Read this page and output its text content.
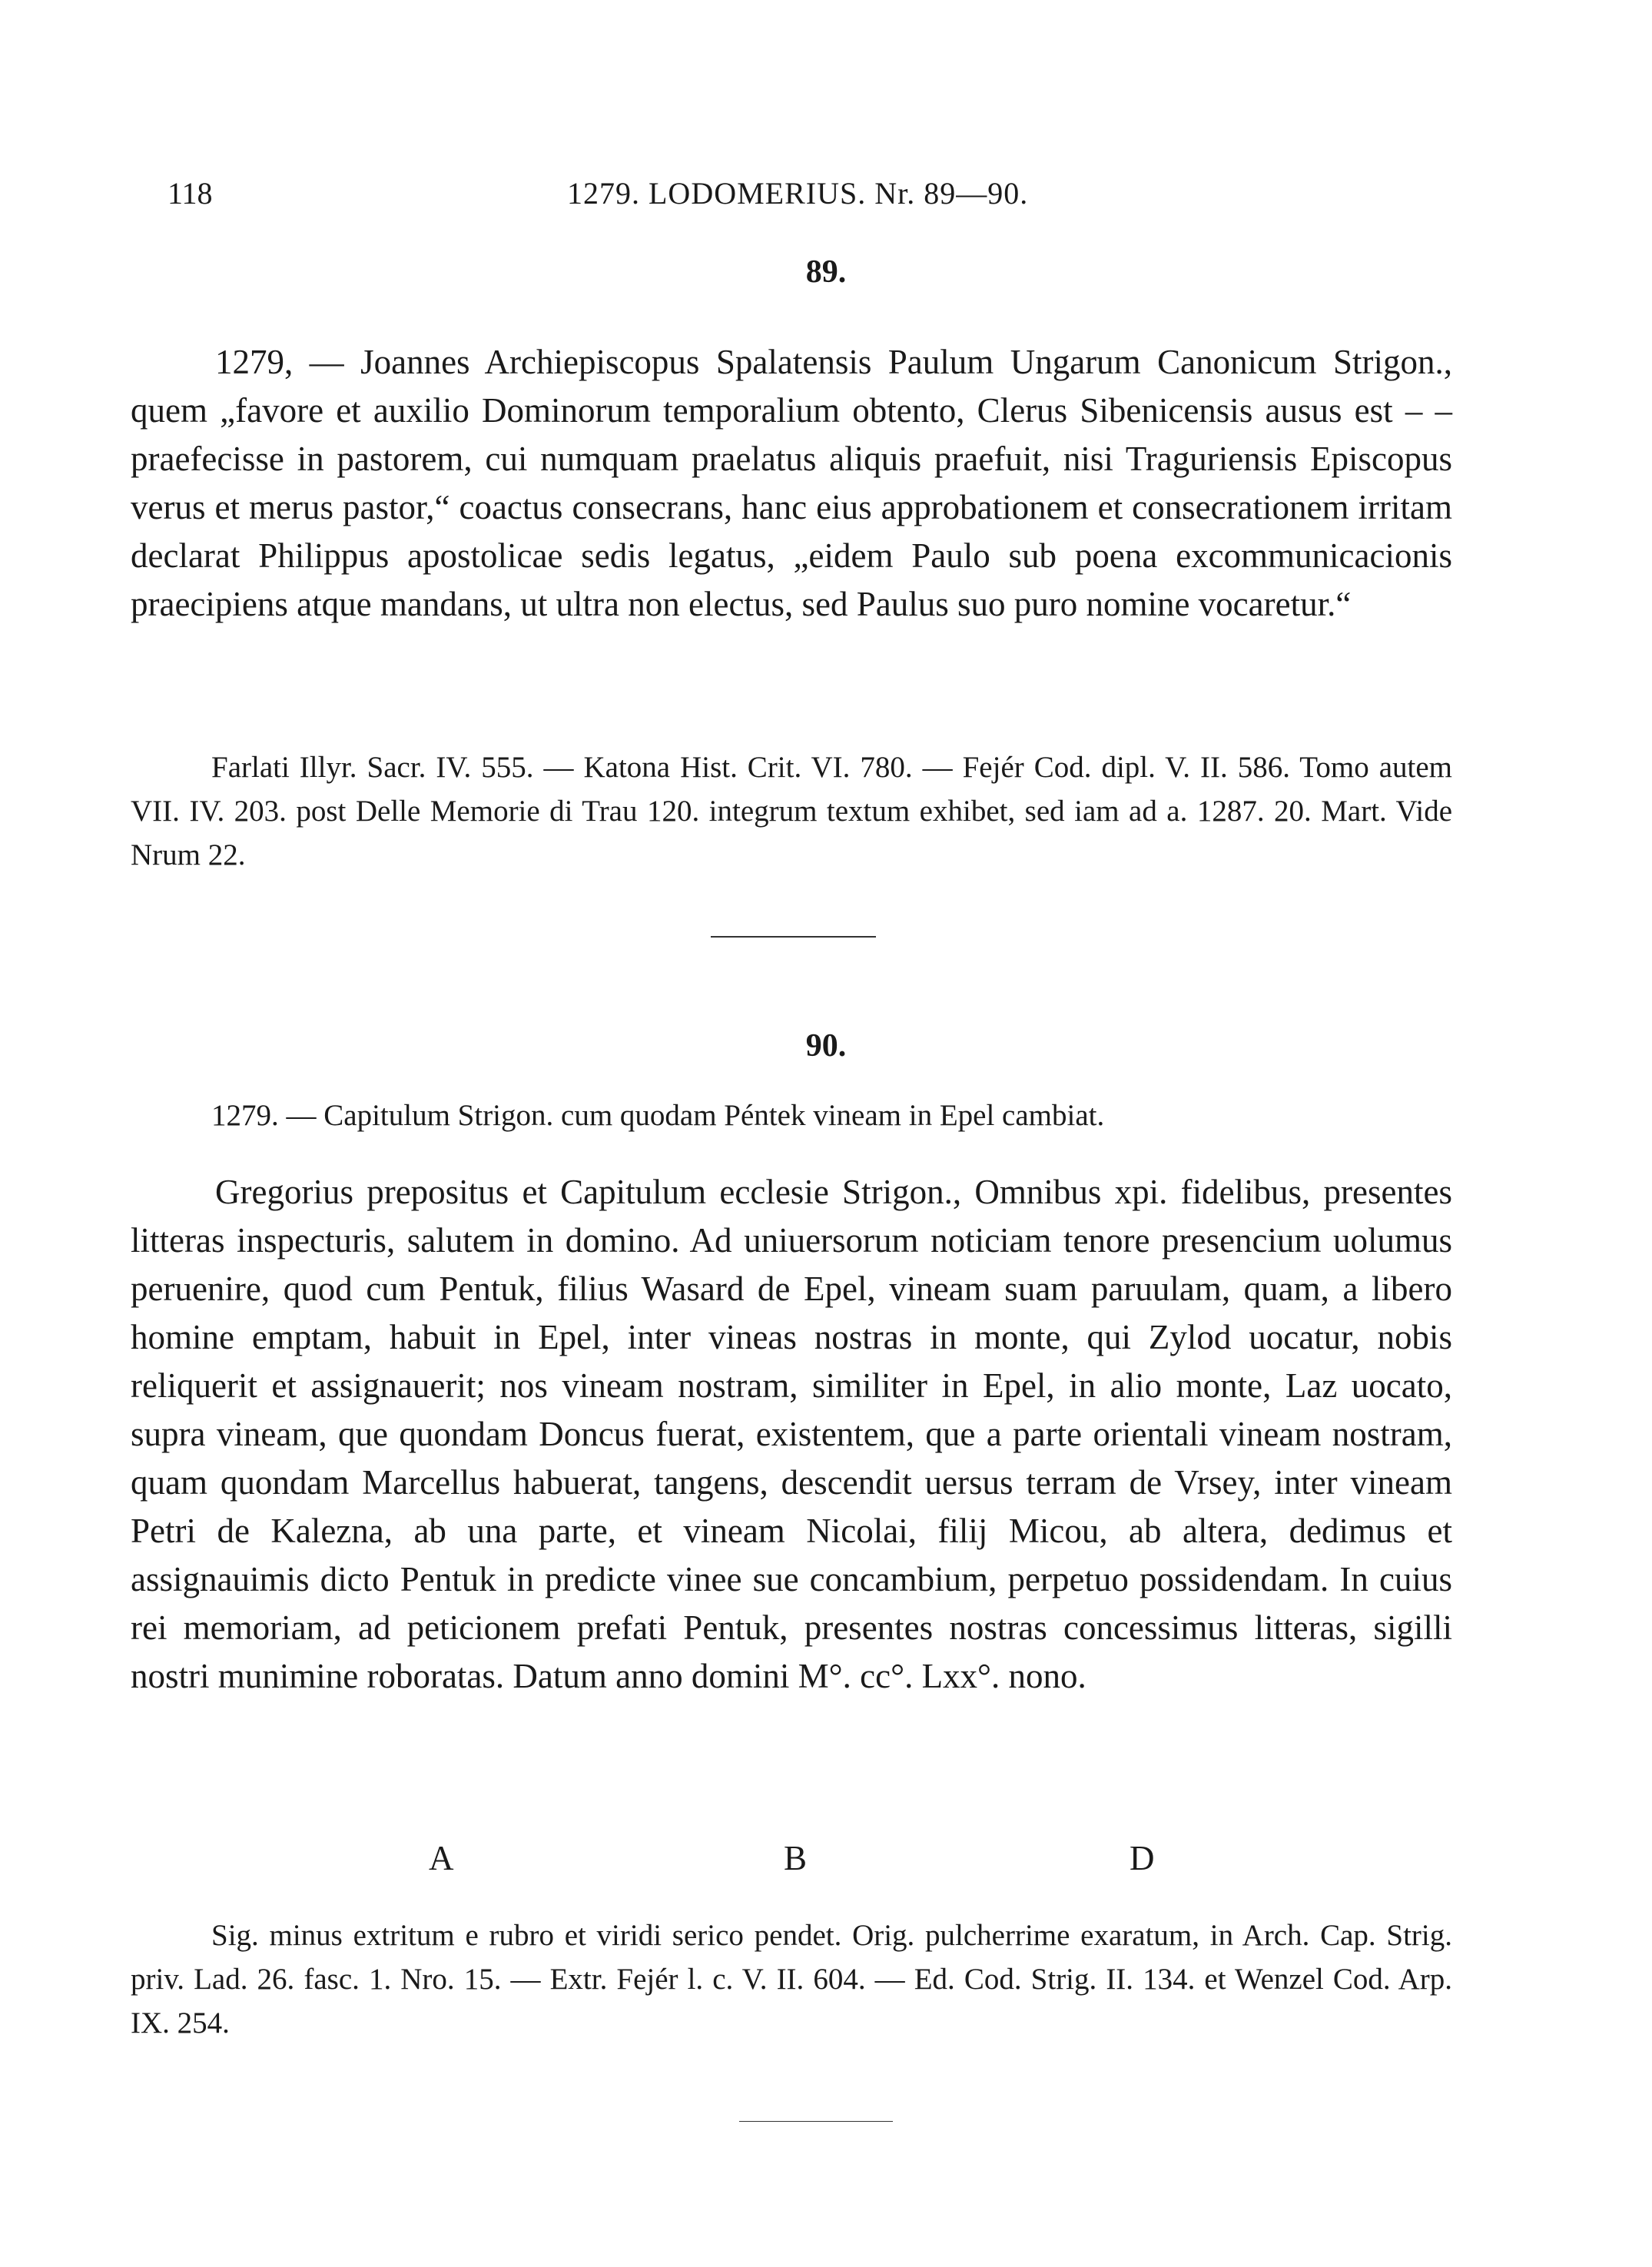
118	1279. LODOMERIUS. Nr. 89—90.
89.

1279, — Joannes Archiepiscopus Spalatensis Paulum Ungarum Canonicum Strigon., quem „favore et auxilio Dominorum temporalium obtento, Clerus Sibenicensis ausus est – – praefecisse in pastorem, cui numquam praelatus aliquis praefuit, nisi Traguriensis Episcopus verus et merus pastor,“ coactus consecrans, hanc eius approbationem et consecrationem irritam declarat Philippus apostolicae sedis legatus, „eidem Paulo sub poena excommunicacionis praecipiens atque mandans, ut ultra non electus, sed Paulus suo puro nomine vocaretur.“

Farlati Illyr. Sacr. IV. 555. — Katona Hist. Crit. VI. 780. — Fejér Cod. dipl. V. II. 586. Tomo autem VII. IV. 203. post Delle Memorie di Trau 120. integrum textum exhibet, sed iam ad a. 1287. 20. Mart. Vide Nrum 22.

90.

1279. — Capitulum Strigon. cum quodam Péntek vineam in Epel cambiat.

Gregorius prepositus et Capitulum ecclesie Strigon., Omnibus xpi. fidelibus, presentes litteras inspecturis, salutem in domino. Ad uniuersorum noticiam tenore presencium uolumus peruenire, quod cum Pentuk, filius Wasard de Epel, vineam suam paruulam, quam, a libero homine emptam, habuit in Epel, inter vineas nostras in monte, qui Zylod uocatur, nobis reliquerit et assignauerit; nos vineam nostram, similiter in Epel, in alio monte, Laz uocato, supra vineam, que quondam Doncus fuerat, existentem, que a parte orientali vineam nostram, quam quondam Marcellus habuerat, tangens, descendit uersus terram de Vrsey, inter vineam Petri de Kalezna, ab una parte, et vineam Nicolai, filij Micou, ab altera, dedimus et assignauimis dicto Pentuk in predicte vinee sue concambium, perpetuo possidendam. In cuius rei memoriam, ad peticionem prefati Pentuk, presentes nostras concessimus litteras, sigilli nostri munimine roboratas. Datum anno domini M°. cc°. Lxx°. nono.

A	B	D

Sig. minus extritum e rubro et viridi serico pendet. Orig. pulcherrime exaratum, in Arch. Cap. Strig. priv. Lad. 26. fasc. 1. Nro. 15. — Extr. Fejér l. c. V. II. 604. — Ed. Cod. Strig. II. 134. et Wenzel Cod. Arp. IX. 254.
